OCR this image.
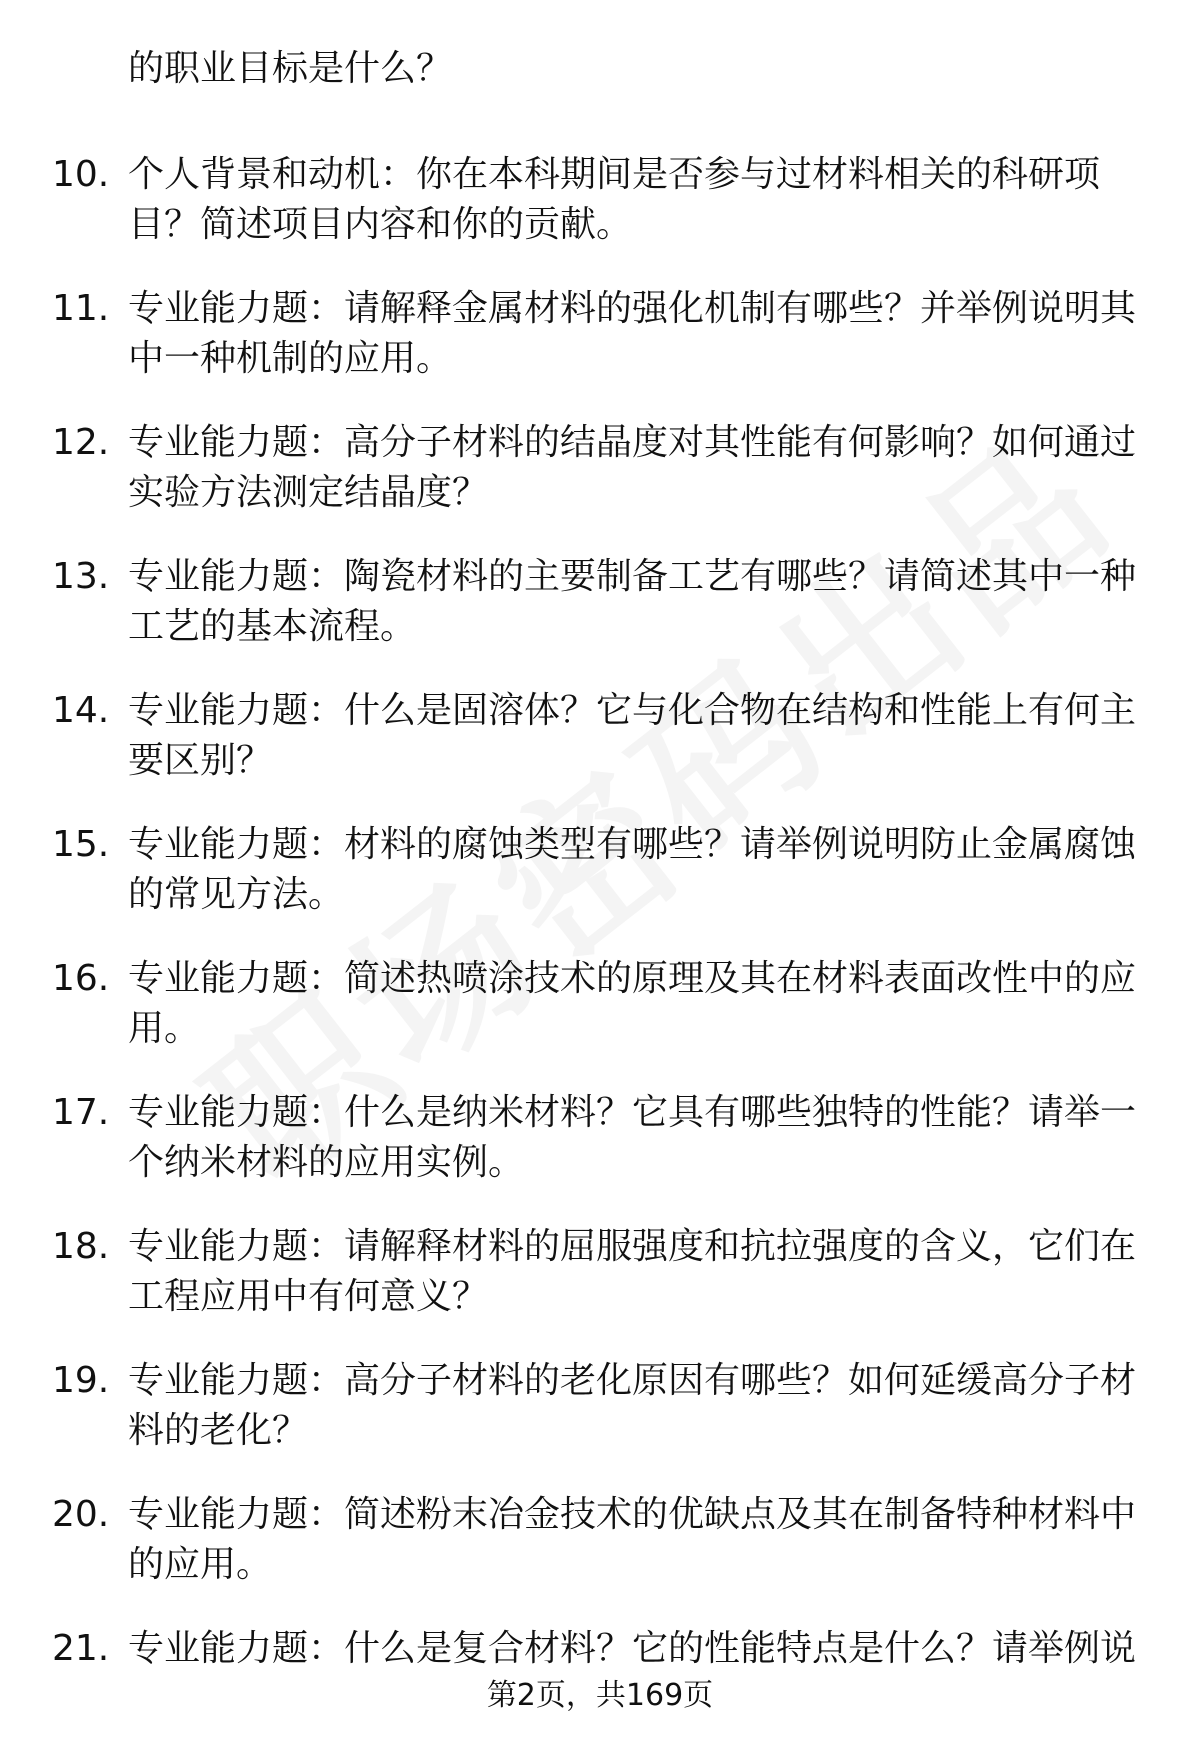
的职业目标是什么？
10. 个人背景和动机：你在本科期间是否参与过材料相关的科研项目？简述项目内容和你的贡献。
11. 专业能力题：请解释金属材料的强化机制有哪些？并举例说明其中一种机制的应用。
12. 专业能力题：高分子材料的结晶度对其性能有何影响？如何通过实验方法测定结晶度？
13. 专业能力题：陶瓷材料的主要制备工艺有哪些？请简述其中一种工艺的基本流程。
14. 专业能力题：什么是固溶体？它与化合物在结构和性能上有何主要区别？
15. 专业能力题：材料的腐蚀类型有哪些？请举例说明防止金属腐蚀的常见方法。
16. 专业能力题：简述热喷涂技术的原理及其在材料表面改性中的应用。
17. 专业能力题：什么是纳米材料？它具有哪些独特的性能？请举一个纳米材料的应用实例。
18. 专业能力题：请解释材料的屈服强度和抗拉强度的含义，它们在工程应用中有何意义？
19. 专业能力题：高分子材料的老化原因有哪些？如何延缓高分子材料的老化？
20. 专业能力题：简述粉末冶金技术的优缺点及其在制备特种材料中的应用。
21. 专业能力题：什么是复合材料？它的性能特点是什么？请举例说
第2页，共169页
